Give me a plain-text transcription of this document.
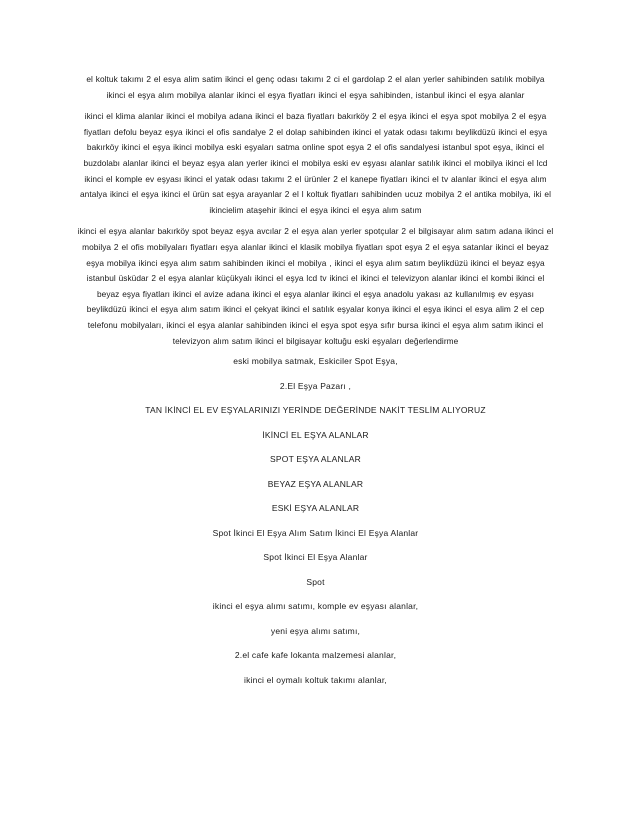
el koltuk takımı 2 el esya alim satim ikinci el genç odası takımı 2 ci el gardolap 2 el alan yerler sahibinden satılık mobilya ikinci el eşya alım mobilya alanlar ikinci el eşya fiyatları ikinci el eşya sahibinden, istanbul ikinci el eşya alanlar

ikinci el klima alanlar ikinci el mobilya adana ikinci el baza fiyatları bakırköy 2 el eşya ikinci el eşya spot mobilya 2 el eşya fiyatları defolu beyaz eşya ikinci el ofis sandalye 2 el dolap sahibinden ikinci el yatak odası takımı beylikdüzü ikinci el eşya bakırköy ikinci el eşya ikinci mobilya eski eşyaları satma online spot eşya 2 el ofis sandalyesi istanbul spot eşya, ikinci el buzdolabı alanlar ikinci el beyaz eşya alan yerler ikinci el mobilya eski ev eşyası alanlar satılık ikinci el mobilya ikinci el lcd ikinci el komple ev eşyası ikinci el yatak odası takımı 2 el ürünler 2 el kanepe fiyatları ikinci el tv alanlar ikinci el eşya alım antalya ikinci el eşya ikinci el ürün sat eşya arayanlar 2 el l koltuk fiyatları sahibinden ucuz mobilya 2 el antika mobilya, iki el ikincielim ataşehir ikinci el eşya ikinci el eşya alım satım

ikinci el eşya alanlar bakırköy spot beyaz eşya avcılar 2 el eşya alan yerler spotçular 2 el bilgisayar alım satım adana ikinci el mobilya 2 el ofis mobilyaları fiyatları eşya alanlar ikinci el klasik mobilya fiyatları spot eşya 2 el eşya satanlar ikinci el beyaz eşya mobilya ikinci eşya alım satım sahibinden ikinci el mobilya , ikinci el eşya alım satım beylikdüzü ikinci el beyaz eşya istanbul üsküdar 2 el eşya alanlar küçükyalı ikinci el eşya lcd tv ikinci el ikinci el televizyon alanlar ikinci el kombi ikinci el beyaz eşya fiyatları ikinci el avize adana ikinci el eşya alanlar ikinci el eşya anadolu yakası az kullanılmış ev eşyası beylikdüzü ikinci el eşya alım satım ikinci el çekyat ikinci el satılık eşyalar konya ikinci el eşya ikinci el esya alim 2 el cep telefonu mobilyaları, ikinci el eşya alanlar sahibinden ikinci el eşya spot eşya sıfır bursa ikinci el eşya alım satım ikinci el televizyon alım satım ikinci el bilgisayar koltuğu eski eşyaları değerlendirme

eski mobilya satmak, Eskiciler Spot Eşya,
2.El Eşya Pazarı ,
TAN İKİNCİ EL EV EŞYALARINIZI YERİNDE DEĞERİNDE NAKİT TESLİM ALIYORUZ
İKİNCİ EL EŞYA ALANLAR
SPOT EŞYA ALANLAR
BEYAZ EŞYA ALANLAR
ESKİ EŞYA ALANLAR
Spot İkinci El Eşya Alım Satım İkinci El Eşya Alanlar
Spot İkinci El Eşya Alanlar
Spot
ikinci el eşya alımı satımı, komple ev eşyası alanlar,
yeni eşya alımı satımı,
2.el cafe kafe lokanta malzemesi alanlar,
ikinci el oymalı koltuk takımı alanlar,
